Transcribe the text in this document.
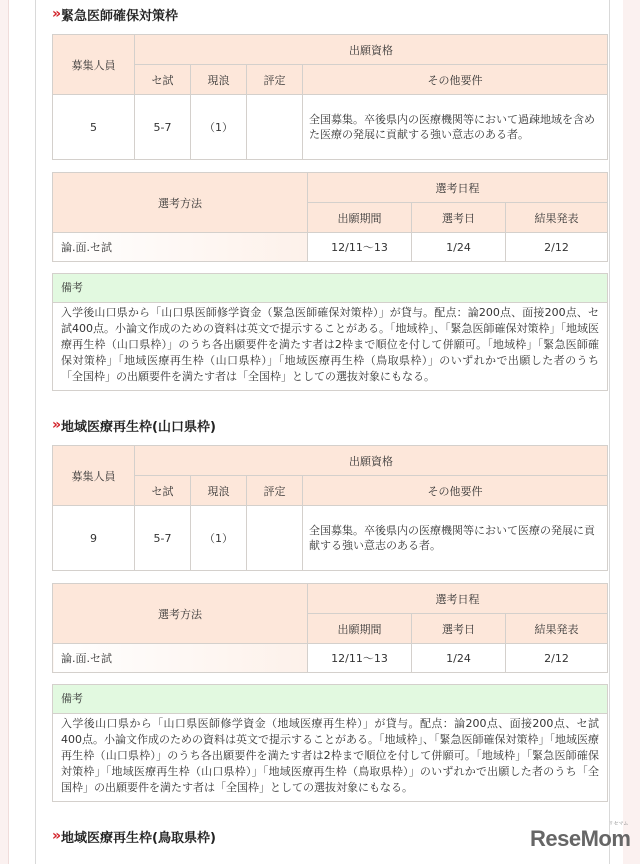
» 緊急医師確保対策枠
募集人員	出願資格			
	セ試	現浪	評定	その他要件
5	5-7	（1）		全国募集。卒後県内の医療機関等において過疎地域を含めた医療の発展に貢献する強い意志のある者。
選考方法	選考日程		
	出願期間	選考日	結果発表
論.面.セ試	12/11〜13	1/24	2/12
備考
入学後山口県から「山口県医師修学資金（緊急医師確保対策枠）」が貸与。配点：論200点、面接200点、セ試400点。小論文作成のための資料は英文で提示することがある。「地域枠」、「緊急医師確保対策枠」「地域医療再生枠（山口県枠）」のうち各出願要件を満たす者は2枠まで順位を付して併願可。「地域枠」「緊急医師確保対策枠」「地域医療再生枠（山口県枠）」「地域医療再生枠（鳥取県枠）」のいずれかで出願した者のうち「全国枠」の出願要件を満たす者は「全国枠」としての選抜対象にもなる。
» 地域医療再生枠(山口県枠)
募集人員	出願資格			
	セ試	現浪	評定	その他要件
9	5-7	（1）		全国募集。卒後県内の医療機関等において医療の発展に貢献する強い意志のある者。
選考方法	選考日程		
	出願期間	選考日	結果発表
論.面.セ試	12/11〜13	1/24	2/12
備考
入学後山口県から「山口県医師修学資金（地域医療再生枠）」が貸与。配点：論200点、面接200点、セ試400点。小論文作成のための資料は英文で提示することがある。「地域枠」、「緊急医師確保対策枠」「地域医療再生枠（山口県枠）」のうち各出願要件を満たす者は2枠まで順位を付して併願可。「地域枠」「緊急医師確保対策枠」「地域医療再生枠（山口県枠）」「地域医療再生枠（鳥取県枠）」のいずれかで出願した者のうち「全国枠」の出願要件を満たす者は「全国枠」としての選抜対象にもなる。
» 地域医療再生枠(鳥取県枠)	ReseMom
リセマム
